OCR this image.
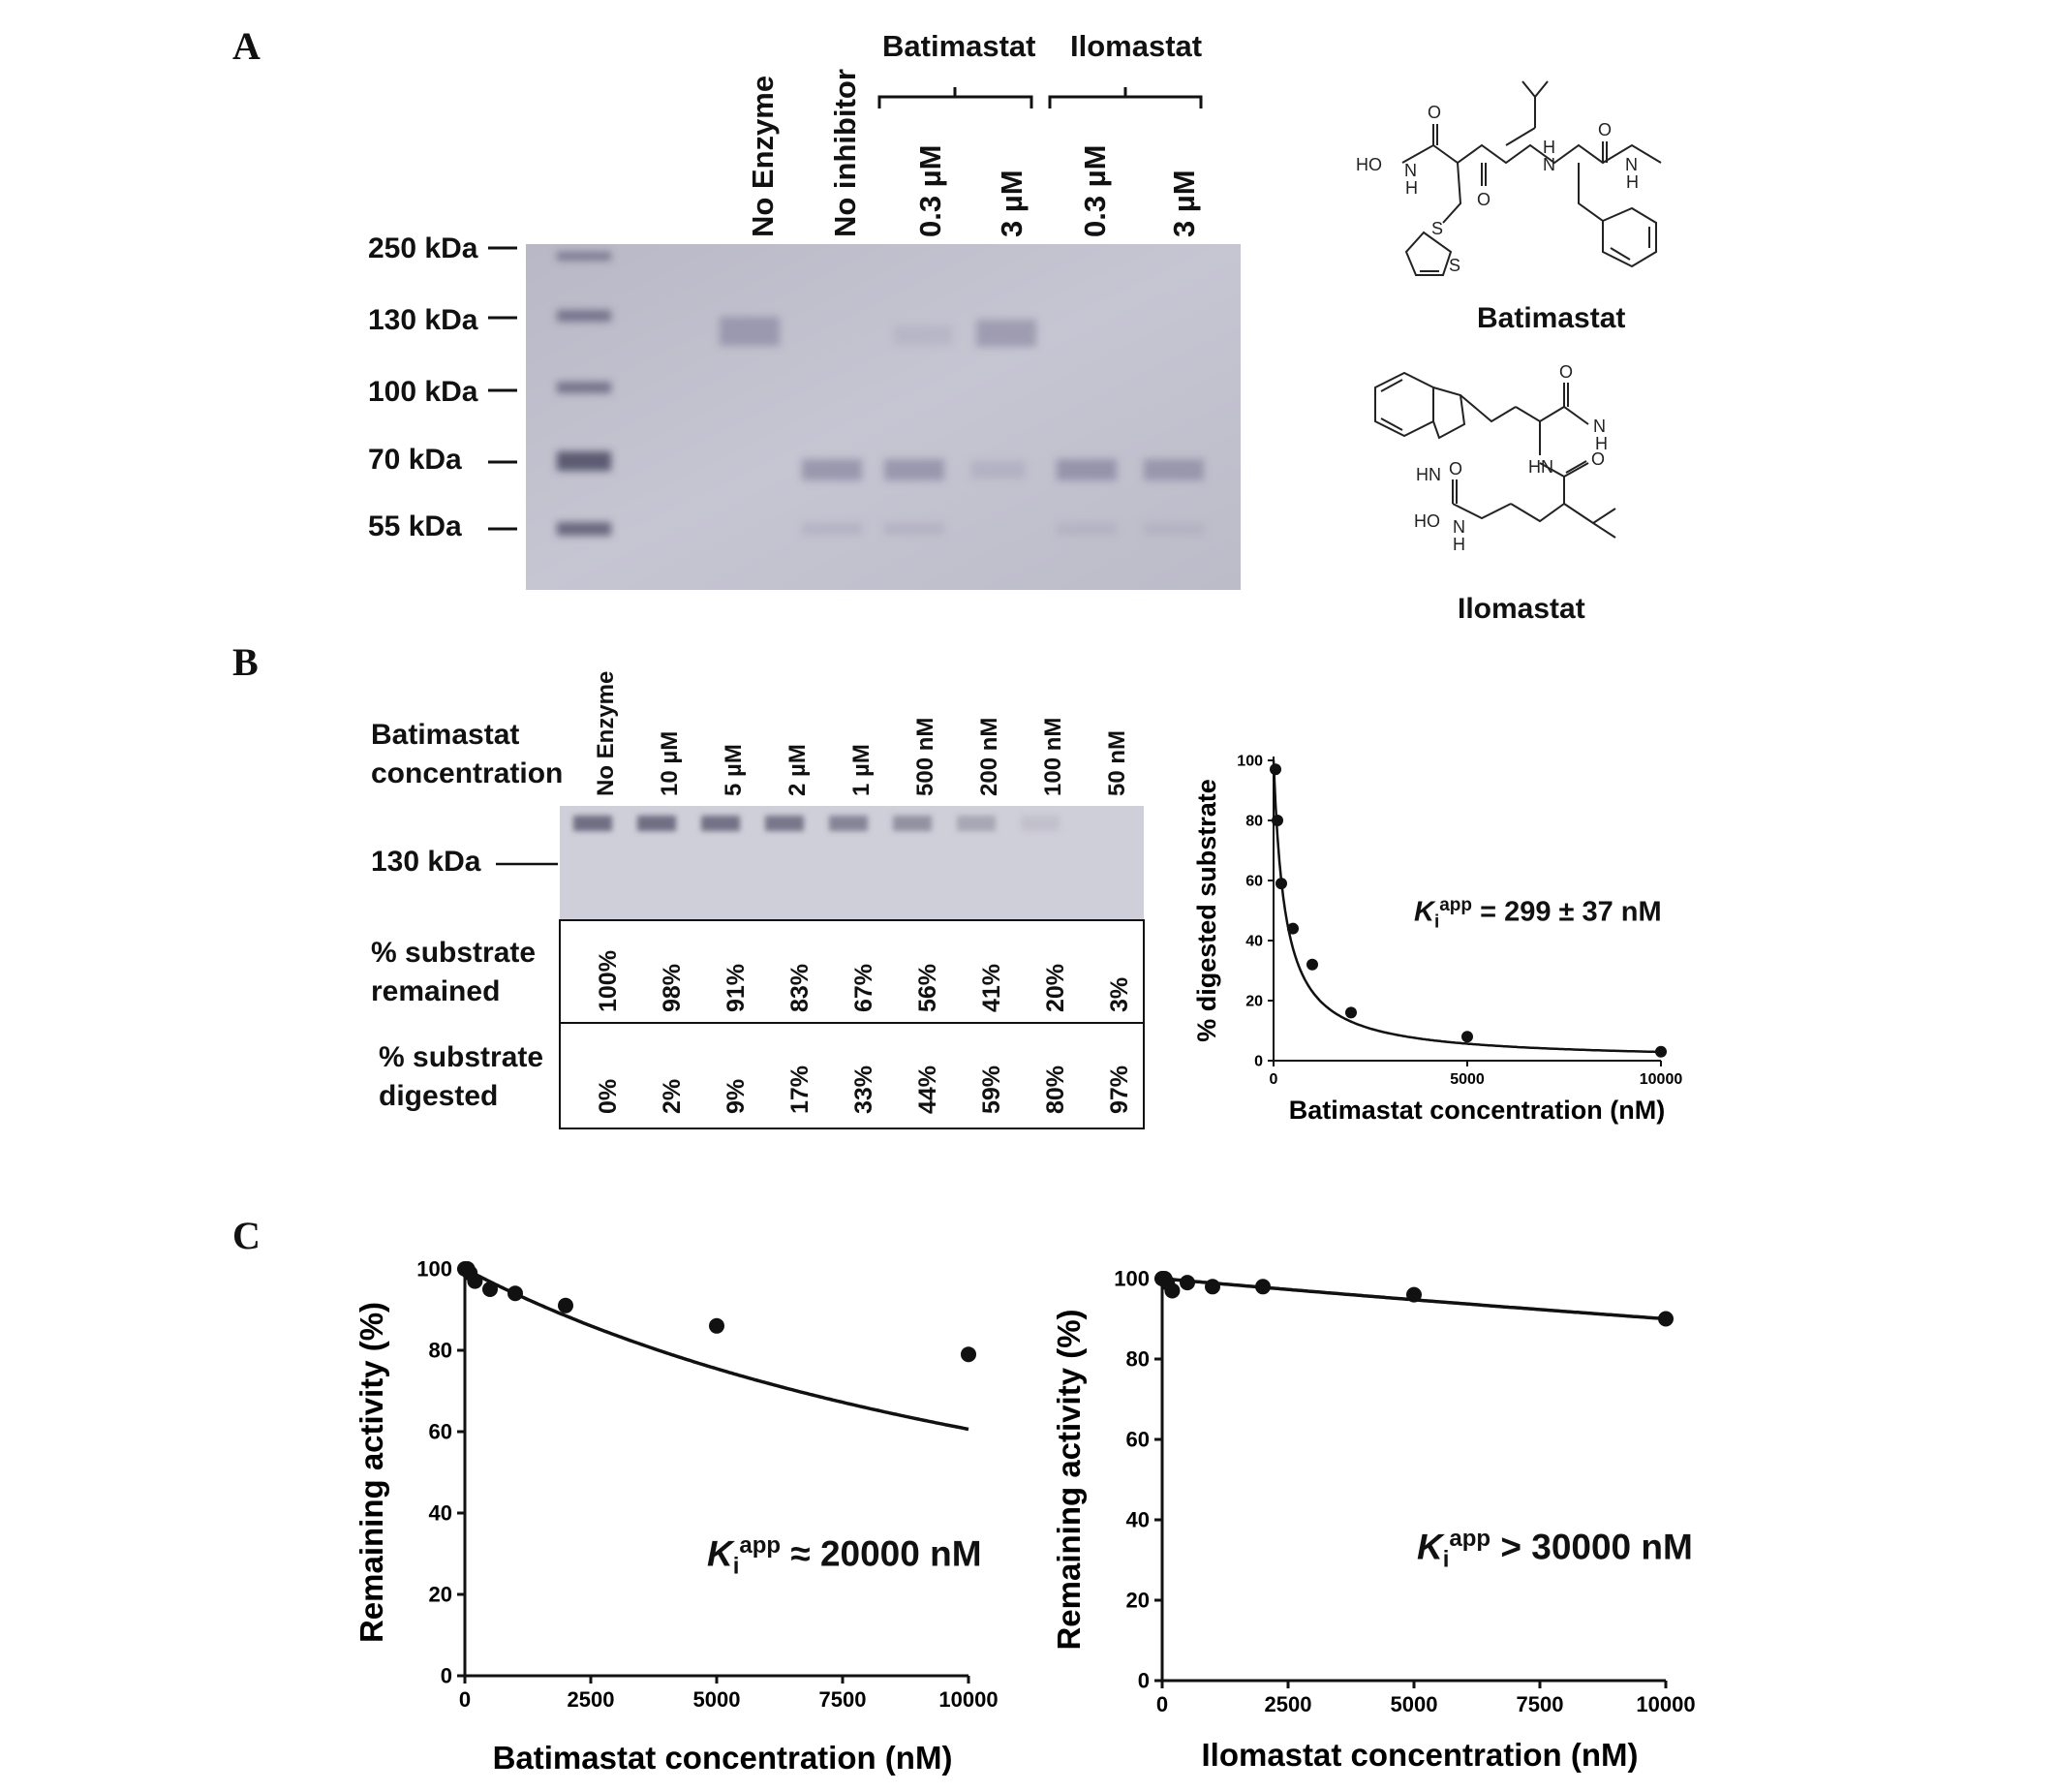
A	Batimastat Ilomastat
No Enzyme No inhibitor 0.3 µM 3 µM 0.3 µM 3 µM
250 kDa
130 kDa
100 kDa
70 kDa
55 kDa
HO N
H
O
H
N
O
N
H
O
S
S
Batimastat
HN
O
N
H
HN O
O
HO N
H
Ilomastat
B
Batimastat
concentration No Enzyme 10 µM 5 µM 2 µM 1 µM 500 nM 200 nM 100 nM 50 nM
130 kDa
% substrate
remained
% substrate
digested
100% 98% 91% 83% 67% 56% 41% 20% 3%
0% 2% 9% 17% 33% 44% 59% 80% 97%
0
20
40
60
80
100
0	5000	10000
Batimastat concentration (nM)
% digested substrate	$K_i^{app} = 299 \pm 37$ nM
C
0
20
40
60
80
100
0	2500	5000	7500	10000
Batimastat concentration (nM)
Remaining activity (%)
0
20
40
60
80
100
0	2500	5000	7500	10000
Ilomastat concentration (nM)
Remaining activity (%)
$K_i^{app} \approx 20000$ nM	$K_i^{app} > 30000$ nM
